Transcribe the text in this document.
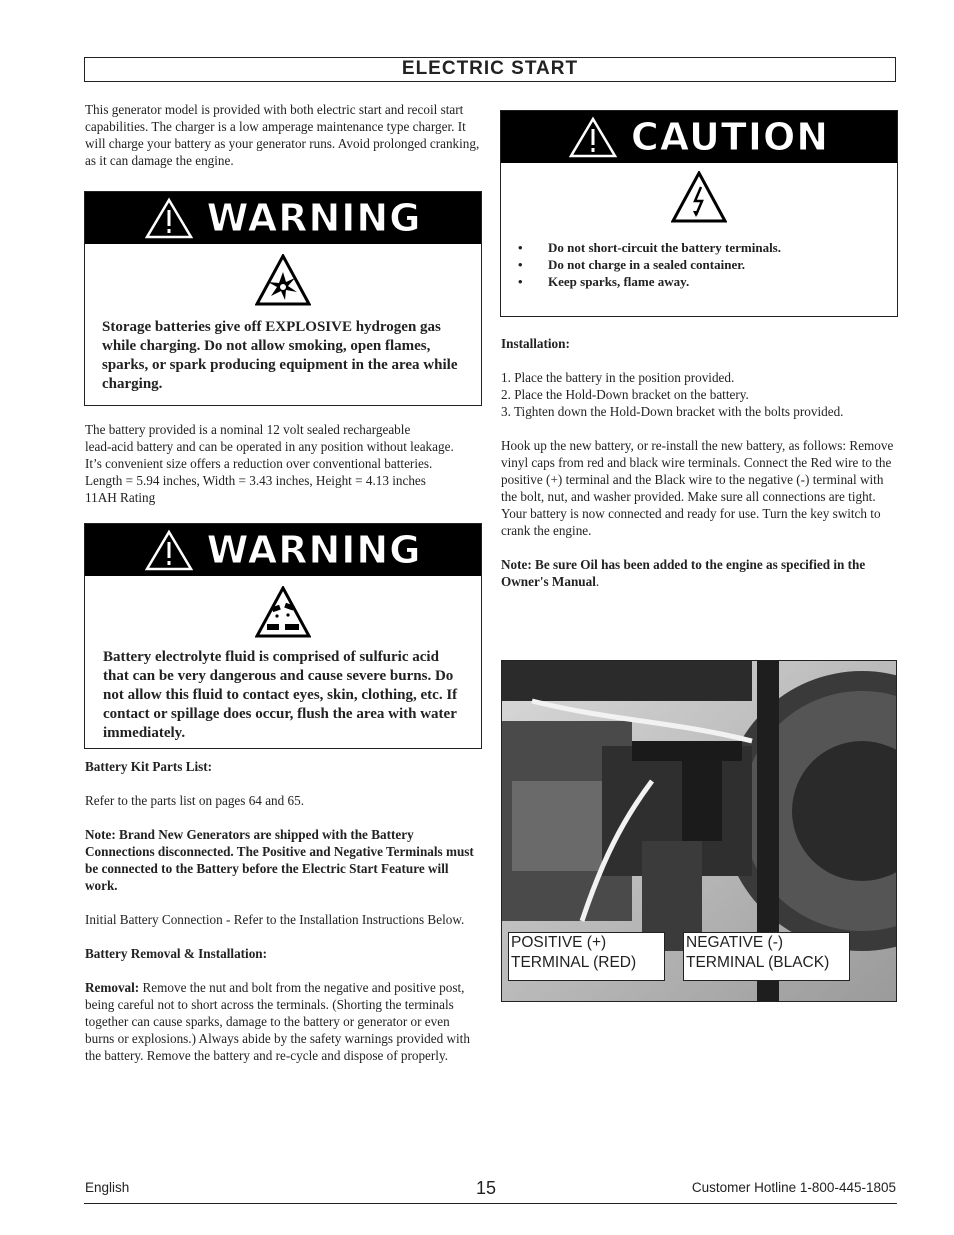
ELECTRIC START

This generator model is provided with both electric start and recoil start capabilities. The charger is a low amperage maintenance type charger. It will charge your battery as your generator runs. Avoid prolonged cranking, as it can damage the engine.

WARNING
Storage batteries give off EXPLOSIVE hydrogen gas while charging. Do not allow smoking, open flames, sparks, or spark producing equipment in the area while charging.

The battery provided is a nominal 12 volt sealed rechargeable

lead-acid battery and can be operated in any position without leakage.

It’s convenient size offers a reduction over conventional batteries.

Length = 5.94 inches, Width = 3.43 inches, Height = 4.13 inches

11AH Rating

WARNING
Battery electrolyte fluid is comprised of sulfuric acid that can be very dangerous and cause severe burns. Do not allow this fluid to contact eyes, skin, clothing, etc. If contact or spillage does occur, flush the area with water immediately.

Battery Kit Parts List:

Refer to the parts list on pages 64 and 65.

Note: Brand New Generators are shipped with the Battery Connections disconnected. The Positive and Negative Terminals must be connected to the Battery before the Electric Start Feature will work.

Initial Battery Connection - Refer to the Installation Instructions Below.

Battery Removal & Installation:

Removal: Remove the nut and bolt from the negative and positive post, being careful not to short across the terminals. (Shorting the terminals together can cause sparks, damage to the battery or generator or even burns or explosions.) Always abide by the safety warnings provided with the battery. Remove the battery and re-cycle and dispose of properly.

CAUTION
• Do not short-circuit the battery terminals.
• Do not charge in a sealed container.
• Keep sparks, flame away.

Installation:

1. Place the battery in the position provided.

2. Place the Hold-Down bracket on the battery.

3. Tighten down the Hold-Down bracket with the bolts provided.

Hook up the new battery, or re-install the new battery, as follows: Remove vinyl caps from red and black wire terminals. Connect the Red wire to the positive (+) terminal and the Black wire to the negative (-) terminal with the bolt, nut, and washer provided. Make sure all connections are tight. Your battery is now connected and ready for use. Turn the key switch to crank the engine.

Note: Be sure Oil has been added to the engine as specified in the Owner's Manual.

POSITIVE (+)
TERMINAL (RED)
NEGATIVE (-)
TERMINAL (BLACK)
English	15	Customer Hotline 1-800-445-1805
